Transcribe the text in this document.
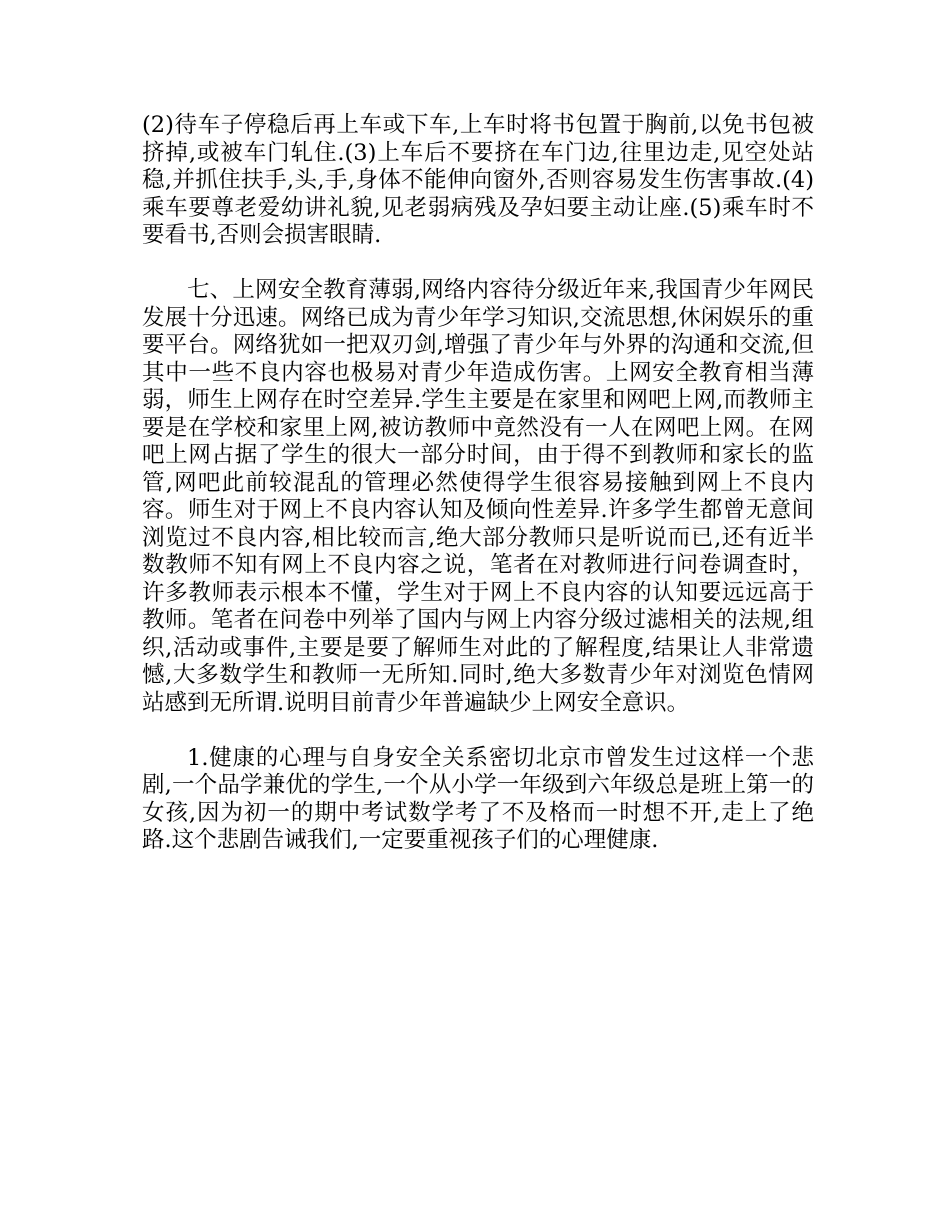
(2)待车子停稳后再上车或下车,上车时将书包置于胸前,以免书包被挤掉,或被车门轧住.(3)上车后不要挤在车门边,往里边走,见空处站稳,并抓住扶手,头,手,身体不能伸向窗外,否则容易发生伤害事故.(4)乘车要尊老爱幼讲礼貌,见老弱病残及孕妇要主动让座.(5)乘车时不要看书,否则会损害眼睛.

七、上网安全教育薄弱,网络内容待分级近年来,我国青少年网民发展十分迅速。网络已成为青少年学习知识,交流思想,休闲娱乐的重要平台。网络犹如一把双刃剑,增强了青少年与外界的沟通和交流,但其中一些不良内容也极易对青少年造成伤害。上网安全教育相当薄弱，师生上网存在时空差异.学生主要是在家里和网吧上网,而教师主要是在学校和家里上网,被访教师中竟然没有一人在网吧上网。在网吧上网占据了学生的很大一部分时间，由于得不到教师和家长的监管,网吧此前较混乱的管理必然使得学生很容易接触到网上不良内容。师生对于网上不良内容认知及倾向性差异.许多学生都曾无意间浏览过不良内容,相比较而言,绝大部分教师只是听说而已,还有近半数教师不知有网上不良内容之说，笔者在对教师进行问卷调查时，许多教师表示根本不懂，学生对于网上不良内容的认知要远远高于教师。笔者在问卷中列举了国内与网上内容分级过滤相关的法规,组织,活动或事件,主要是要了解师生对此的了解程度,结果让人非常遗憾,大多数学生和教师一无所知.同时,绝大多数青少年对浏览色情网站感到无所谓.说明目前青少年普遍缺少上网安全意识。

1.健康的心理与自身安全关系密切北京市曾发生过这样一个悲剧,一个品学兼优的学生,一个从小学一年级到六年级总是班上第一的女孩,因为初一的期中考试数学考了不及格而一时想不开,走上了绝路.这个悲剧告诫我们,一定要重视孩子们的心理健康.
